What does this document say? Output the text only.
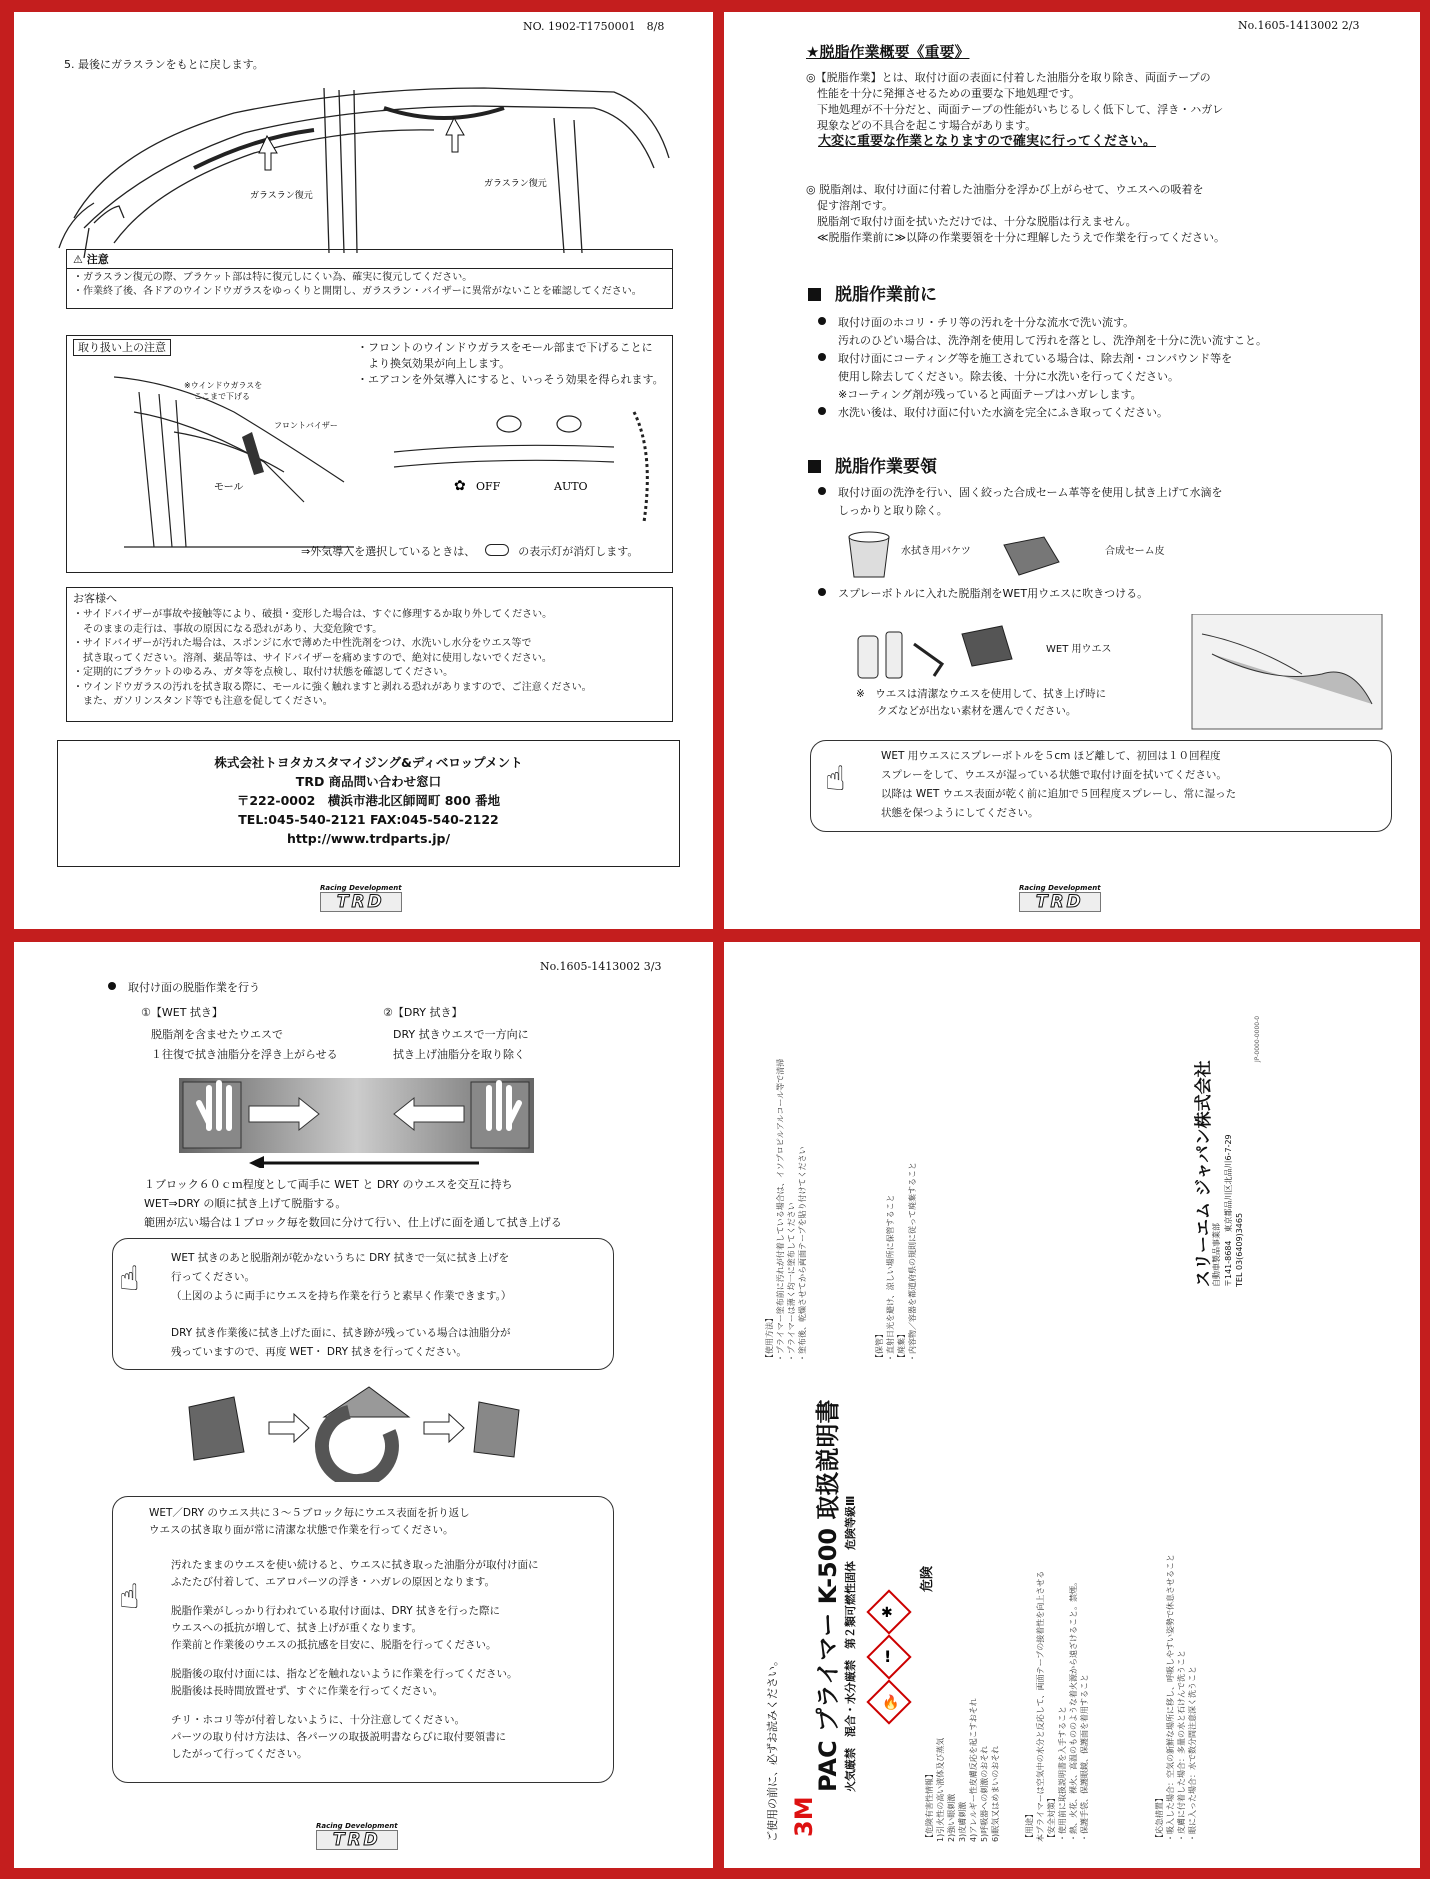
NO. 1902-T1750001　8/8
5. 最後にガラスランをもとに戻します。
ガラスラン復元
ガラスラン復元
⚠ 注意
・ガラスラン復元の際、ブラケット部は特に復元しにくい為、確実に復元してください。
・作業終了後、各ドアのウインドウガラスをゆっくりと開閉し、ガラスラン・バイザーに異常がないことを確認してください。
取り扱い上の注意	・フロントのウインドウガラスをモール部まで下げることに
　より換気効果が向上します。
・エアコンを外気導入にすると、いっそう効果を得られます。
※ウインドウガラスを
ここまで下げる
フロントバイザー
モール	✿ OFF	AUTO
⇒外気導入を選択しているときは、	の表示灯が消灯します。
お客様へ
・サイドバイザーが事故や接触等により、破損・変形した場合は、すぐに修理するか取り外してください。
　そのままの走行は、事故の原因になる恐れがあり、大変危険です。
・サイドバイザーが汚れた場合は、スポンジに水で薄めた中性洗剤をつけ、水洗いし水分をウエス等で
　拭き取ってください。溶剤、薬品等は、サイドバイザーを痛めますので、絶対に使用しないでください。
・定期的にブラケットのゆるみ、ガタ等を点検し、取付け状態を確認してください。
・ウインドウガラスの汚れを拭き取る際に、モールに強く触れますと剥れる恐れがありますので、ご注意ください。
　また、ガソリンスタンド等でも注意を促してください。
株式会社トヨタカスタマイジング&ディベロップメント
TRD 商品問い合わせ窓口
〒222-0002　横浜市港北区師岡町 800 番地
TEL:045-540-2121 FAX:045-540-2122
http://www.trdparts.jp/
Racing Development
TRD
No.1605-1413002 2/3
★脱脂作業概要《重要》
◎【脱脂作業】とは、取付け面の表面に付着した油脂分を取り除き、両面テープの
　性能を十分に発揮させるための重要な下地処理です。
　下地処理が不十分だと、両面テープの性能がいちじるしく低下して、浮き・ハガレ
　現象などの不具合を起こす場合があります。
大変に重要な作業となりますので確実に行ってください。
◎ 脱脂剤は、取付け面に付着した油脂分を浮かび上がらせて、ウエスへの吸着を
　促す溶剤です。
　脱脂剤で取付け面を拭いただけでは、十分な脱脂は行えません。
　≪脱脂作業前に≫以降の作業要領を十分に理解したうえで作業を行ってください。
脱脂作業前に
取付け面のホコリ・チリ等の汚れを十分な流水で洗い流す。
汚れのひどい場合は、洗浄剤を使用して汚れを落とし、洗浄剤を十分に洗い流すこと。
取付け面にコーティング等を施工されている場合は、除去剤・コンパウンド等を
使用し除去してください。除去後、十分に水洗いを行ってください。
※コーティング剤が残っていると両面テープはハガレします。
水洗い後は、取付け面に付いた水滴を完全にふき取ってください。
脱脂作業要領
取付け面の洗浄を行い、固く絞った合成セーム革等を使用し拭き上げて水滴を
しっかりと取り除く。
水拭き用バケツ	合成セーム皮
スプレーボトルに入れた脱脂剤をWET用ウエスに吹きつける。
WET 用ウエス
※　ウエスは清潔なウエスを使用して、拭き上げ時に
　　クズなどが出ない素材を選んでください。
☝
WET 用ウエスにスプレーボトルを５cm ほど離して、初回は１０回程度
スプレーをして、ウエスが湿っている状態で取付け面を拭いてください。
以降は WET ウエス表面が乾く前に追加で５回程度スプレーし、常に湿った
状態を保つようにしてください。
Racing Development
TRD
No.1605-1413002 3/3
取付け面の脱脂作業を行う
①【WET 拭き】
脱脂剤を含ませたウエスで
１往復で拭き油脂分を浮き上がらせる
②【DRY 拭き】
DRY 拭きウエスで一方向に
拭き上げ油脂分を取り除く
１ブロック６０ｃｍ程度として両手に WET と DRY のウエスを交互に持ち
WET⇒DRY の順に拭き上げて脱脂する。
範囲が広い場合は１ブロック毎を数回に分けて行い、仕上げに面を通して拭き上げる
☝
WET 拭きのあと脱脂剤が乾かないうちに DRY 拭きで一気に拭き上げを
行ってください。
（上図のように両手にウエスを持ち作業を行うと素早く作業できます。）
DRY 拭き作業後に拭き上げた面に、拭き跡が残っている場合は油脂分が
残っていますので、再度 WET・ DRY 拭きを行ってください。
☝
WET／DRY のウエス共に３～５ブロック毎にウエス表面を折り返し
ウエスの拭き取り面が常に清潔な状態で作業を行ってください。
汚れたままのウエスを使い続けると、ウエスに拭き取った油脂分が取付け面に
ふたたび付着して、エアロパーツの浮き・ハガレの原因となります。
脱脂作業がしっかり行われている取付け面は、DRY 拭きを行った際に
ウエスへの抵抗が増して、拭き上げが重くなります。
作業前と作業後のウエスの抵抗感を目安に、脱脂を行ってください。
脱脂後の取付け面には、指などを触れないように作業を行ってください。
脱脂後は長時間放置せず、すぐに作業を行ってください。
チリ・ホコリ等が付着しないように、十分注意してください。
パーツの取り付け方法は、各パーツの取扱説明書ならびに取付要領書に
したがって行ってください。
Racing Development
TRD	ご使用の前に、必ずお読みください。 3M
PAC プライマー K-500 取扱説明書 火気厳禁　混合・水分厳禁　第２類可燃性固体　危険等級Ⅲ 🔥
!
✱
危険
【危険有害性情報】 1)引火性の高い液体及び蒸気 2)強い眼刺激 3)皮膚刺激 4)アレルギー性皮膚反応を起こすおそれ 5)呼吸器への刺激のおそれ 6)眠気又はめまいのおそれ	【用途】 本プライマーは空気中の水分と反応して、両面テープの接着性を向上させる 【安全対策】 ・使用前に取扱説明書を入手すること ・熱、火花、裸火、高温のもののような着火源から遠ざけること。禁煙。 ・保護手袋、保護眼鏡、保護面を着用すること	【応急措置】 ・吸入した場合：空気の新鮮な場所に移し、呼吸しやすい姿勢で休息させること ・皮膚に付着した場合：多量の水と石けんで洗うこと ・眼に入った場合：水で数分間注意深く洗うこと
【使用方法】 ・プライマー塗布前に汚れが付着している場合は、イソプロピルアルコール等で清掃 ・プライマーは薄く均一に塗布してください ・塗布後、乾燥させてから両面テープを貼り付けてください	【保管】 ・直射日光を避け、涼しい場所に保管すること 【廃棄】 ・内容物／容器を都道府県の規則に従って廃棄すること	スリーエム ジャパン株式会社
自動車製品事業部 〒141-8684　東京都品川区北品川6-7-29 TEL 03(6409)3465
JP-0000-0000-0
